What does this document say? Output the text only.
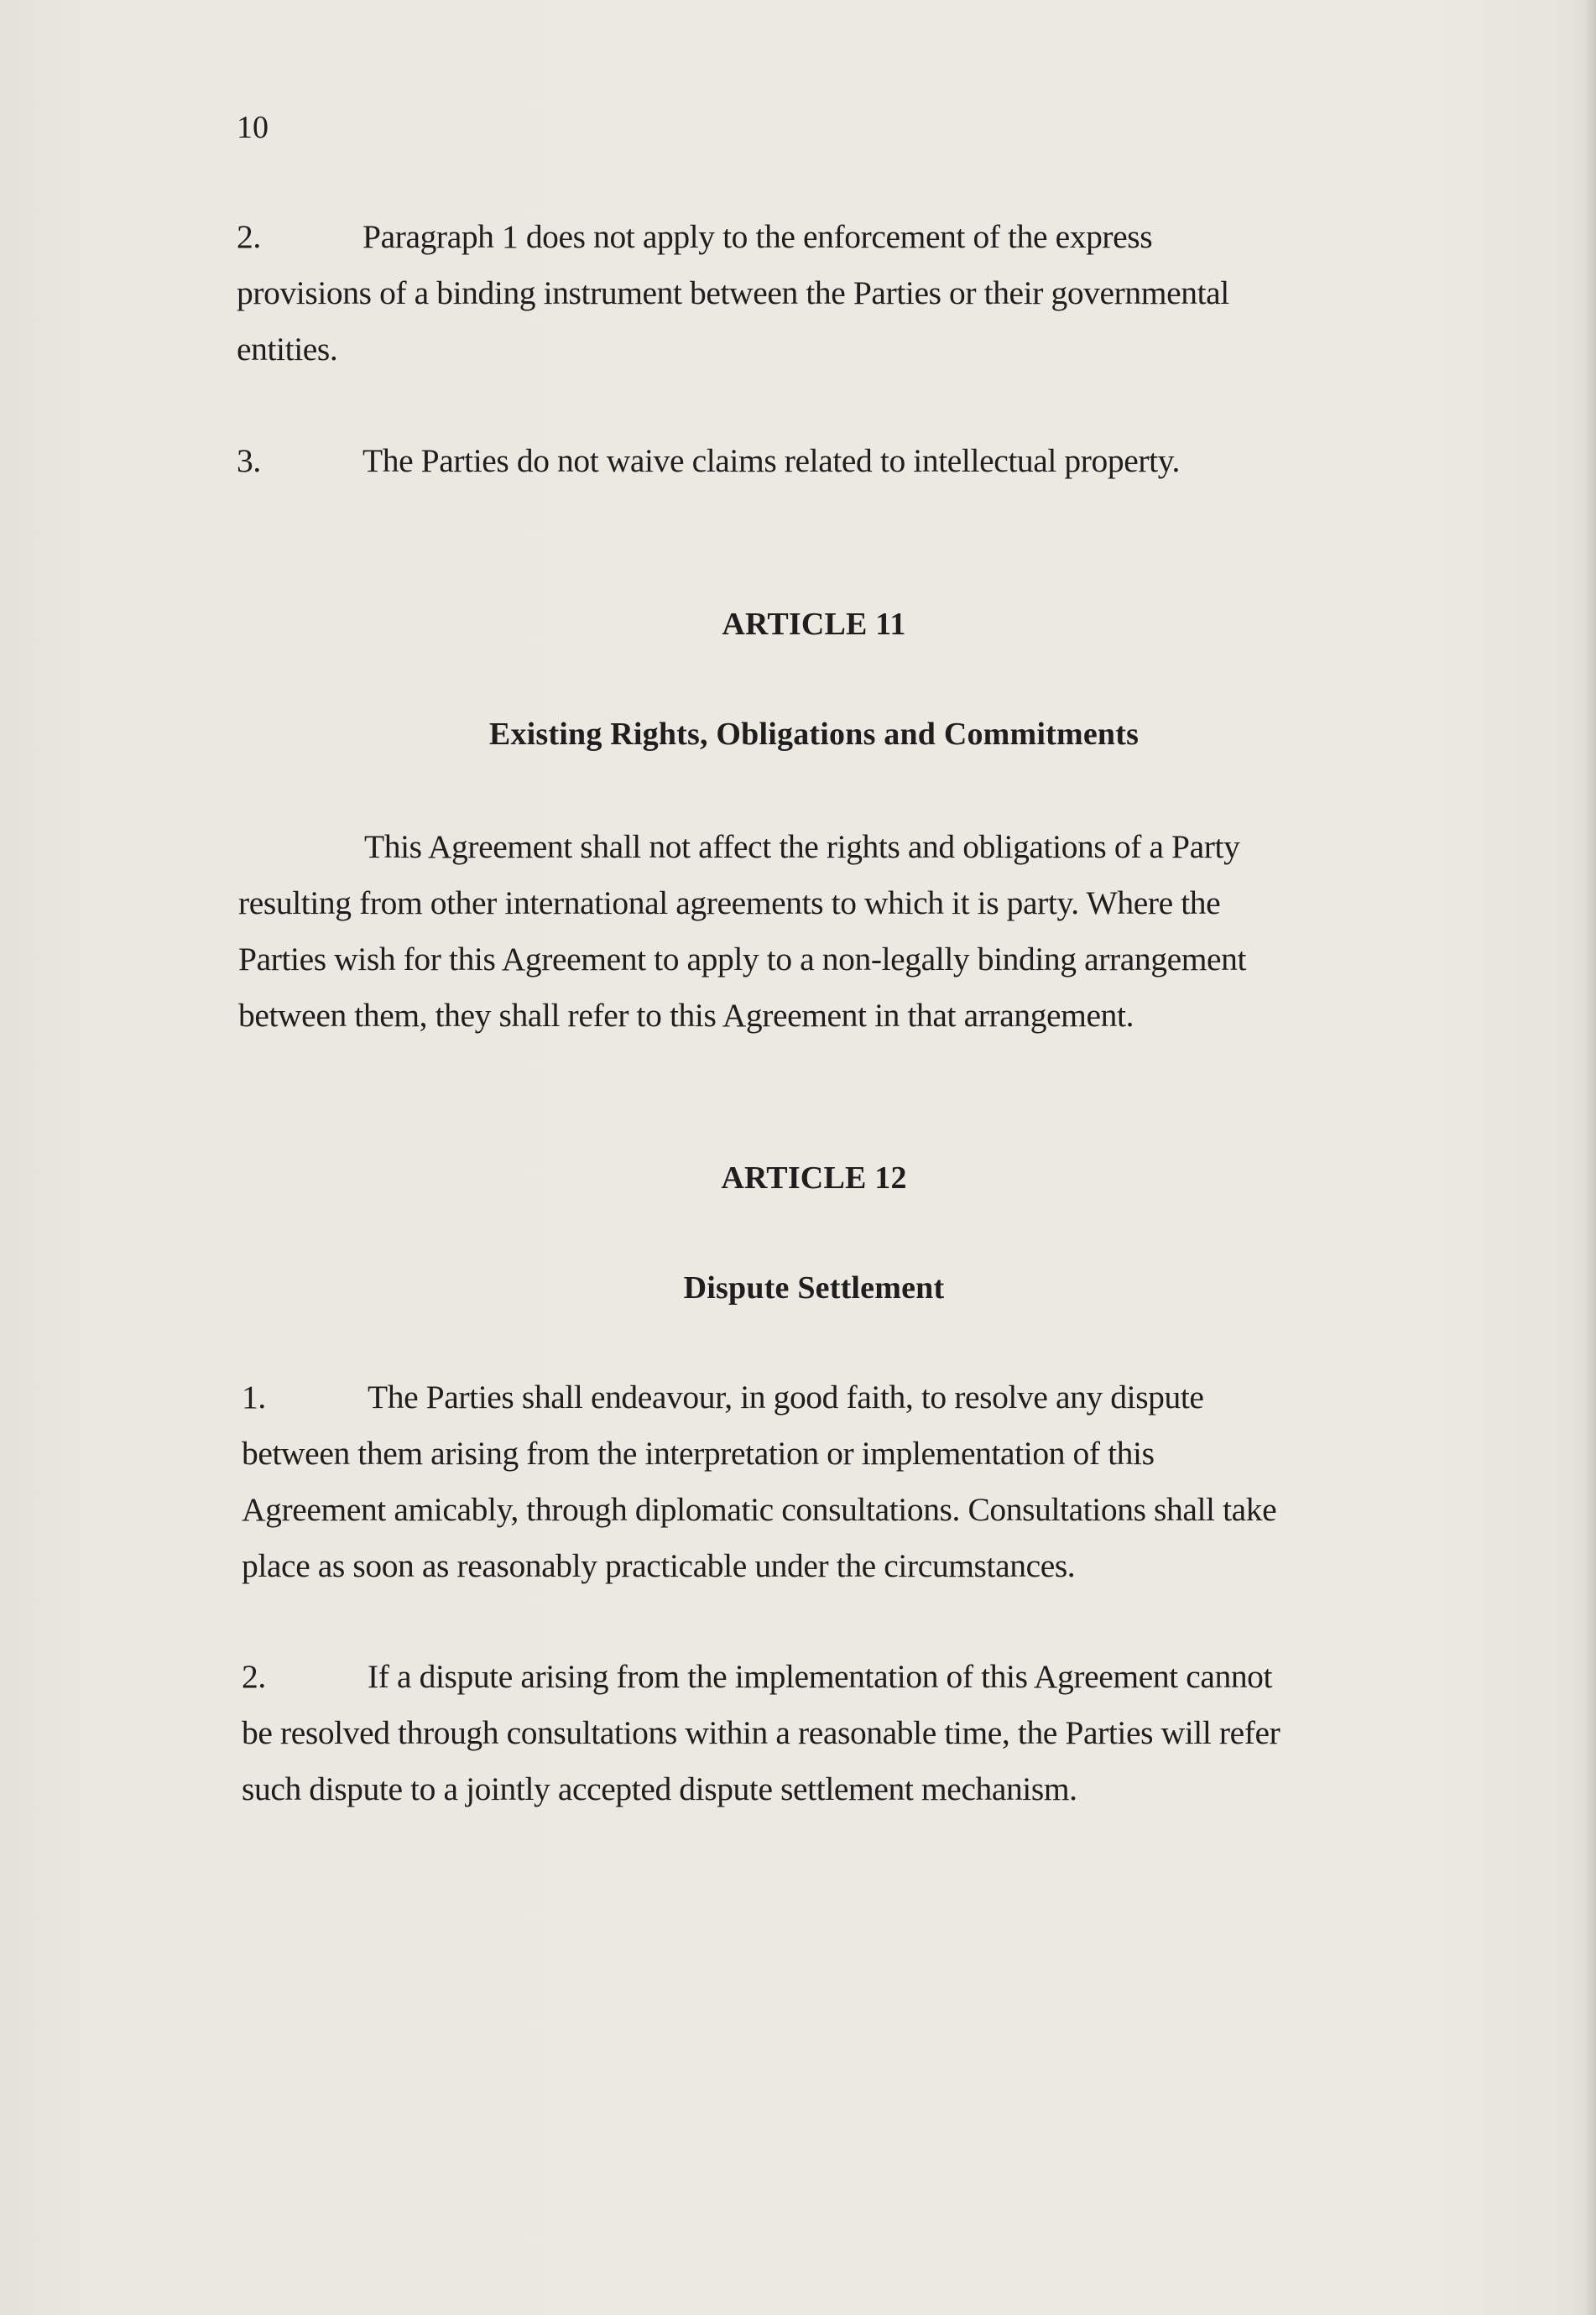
10
2.	Paragraph 1 does not apply to the enforcement of the express
provisions of a binding instrument between the Parties or their governmental
entities.
3.	The Parties do not waive claims related to intellectual property.
ARTICLE 11
Existing Rights, Obligations and Commitments
This Agreement shall not affect the rights and obligations of a Party
resulting from other international agreements to which it is party. Where the
Parties wish for this Agreement to apply to a non-legally binding arrangement
between them, they shall refer to this Agreement in that arrangement.
ARTICLE 12
Dispute Settlement
1.	The Parties shall endeavour, in good faith, to resolve any dispute
between them arising from the interpretation or implementation of this
Agreement amicably, through diplomatic consultations. Consultations shall take
place as soon as reasonably practicable under the circumstances.
2.	If a dispute arising from the implementation of this Agreement cannot
be resolved through consultations within a reasonable time, the Parties will refer
such dispute to a jointly accepted dispute settlement mechanism.
